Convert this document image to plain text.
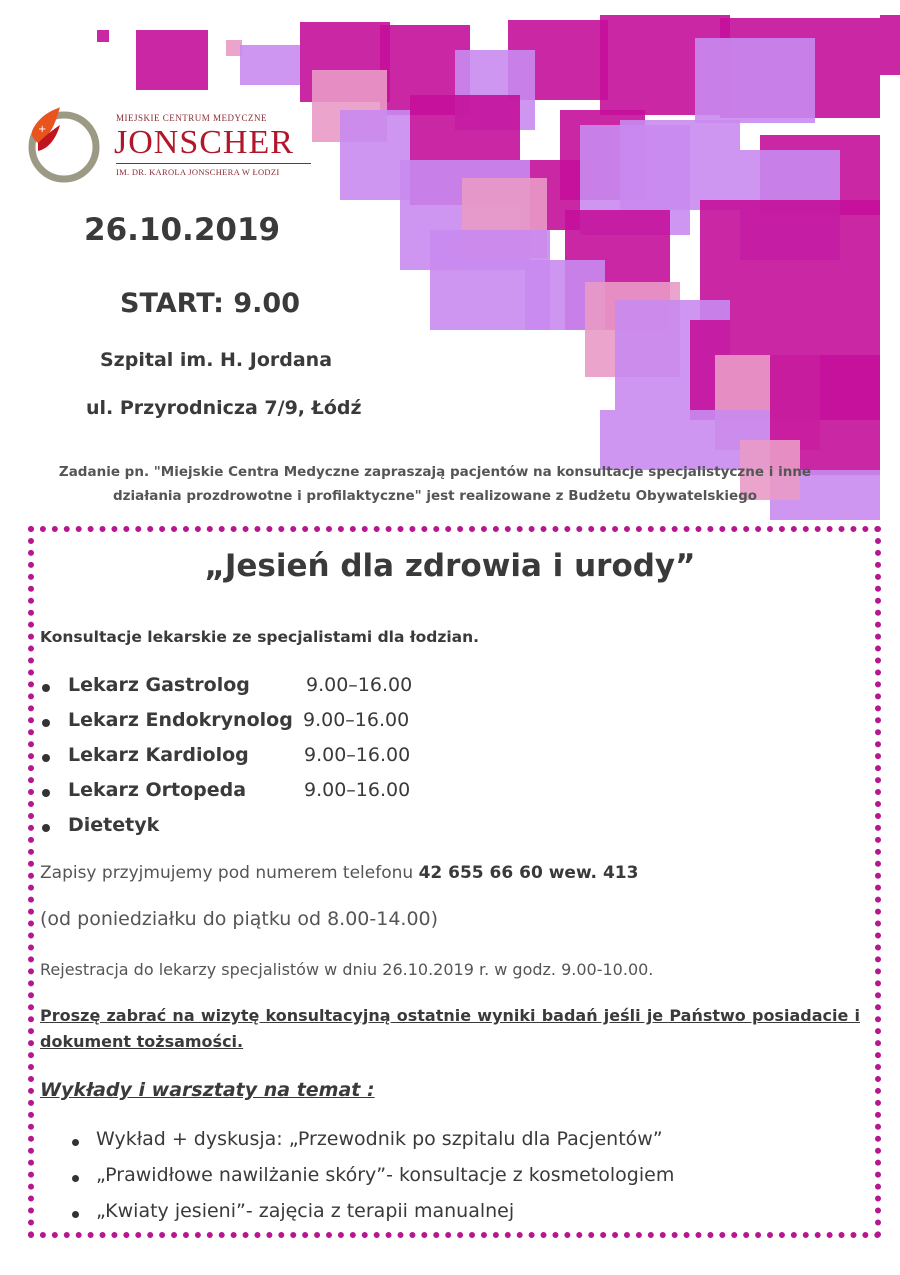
+
MIEJSKIE CENTRUM MEDYCZNE
JONSCHER
IM. DR. KAROLA JONSCHERA W ŁODZI
26.10.2019
START: 9.00
Szpital im. H. Jordana
ul. Przyrodnicza 7/9, Łódź
Zadanie pn. "Miejskie Centra Medyczne zapraszają pacjentów na konsultacje specjalistyczne i inne działania prozdrowotne i profilaktyczne" jest realizowane z Budżetu Obywatelskiego
„Jesień dla zdrowia i urody”
Konsultacje lekarskie ze specjalistami dla łodzian.
Lekarz Gastrolog	9.00–16.00
Lekarz Endokrynolog 9.00–16.00
Lekarz Kardiolog	9.00–16.00
Lekarz Ortopeda	9.00–16.00
Dietetyk
Zapisy przyjmujemy pod numerem telefonu 42 655 66 60 wew. 413
(od poniedziałku do piątku od 8.00-14.00)
Rejestracja do lekarzy specjalistów w dniu 26.10.2019 r. w godz. 9.00-10.00.
Proszę zabrać na wizytę konsultacyjną ostatnie wyniki badań jeśli je Państwo posiadacie i dokument tożsamości.
Wykłady i warsztaty na temat :
Wykład + dyskusja: „Przewodnik po szpitalu dla Pacjentów”
„Prawidłowe nawilżanie skóry”- konsultacje z kosmetologiem
„Kwiaty jesieni”- zajęcia z terapii manualnej
